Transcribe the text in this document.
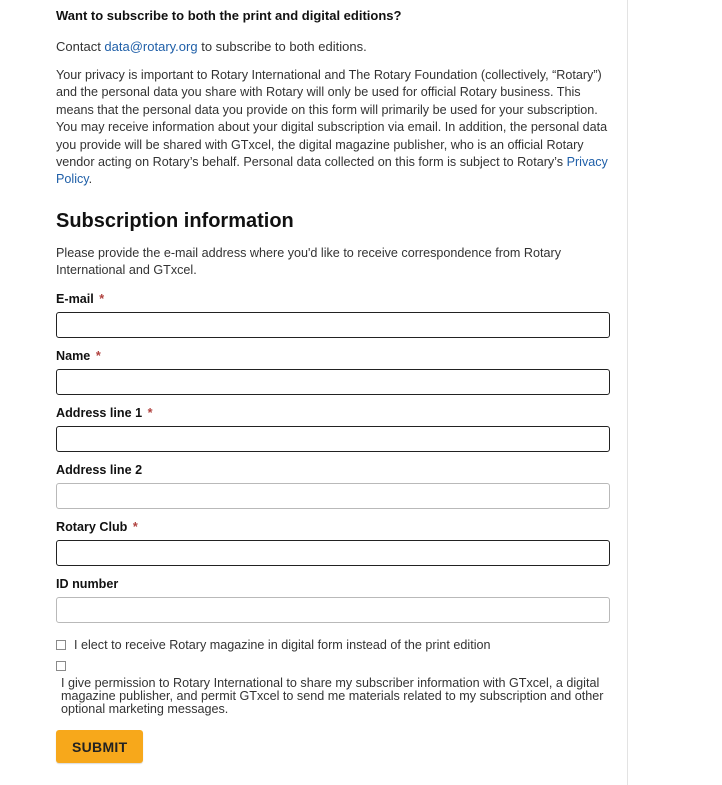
Want to subscribe to both the print and digital editions?

Contact data@rotary.org to subscribe to both editions.

Your privacy is important to Rotary International and The Rotary Foundation (collectively, “Rotary”) and the personal data you share with Rotary will only be used for official Rotary business. This means that the personal data you provide on this form will primarily be used for your subscription. You may receive information about your digital subscription via email. In addition, the personal data you provide will be shared with GTxcel, the digital magazine publisher, who is an official Rotary vendor acting on Rotary’s behalf. Personal data collected on this form is subject to Rotary’s Privacy Policy.

Subscription information

Please provide the e-mail address where you'd like to receive correspondence from Rotary International and GTxcel.

E-mail *
Name *
Address line 1 *
Address line 2
Rotary Club *
ID number
I elect to receive Rotary magazine in digital form instead of the print edition
I give permission to Rotary International to share my subscriber information with GTxcel, a digital magazine publisher, and permit GTxcel to send me materials related to my subscription and other optional marketing messages.
SUBMIT
